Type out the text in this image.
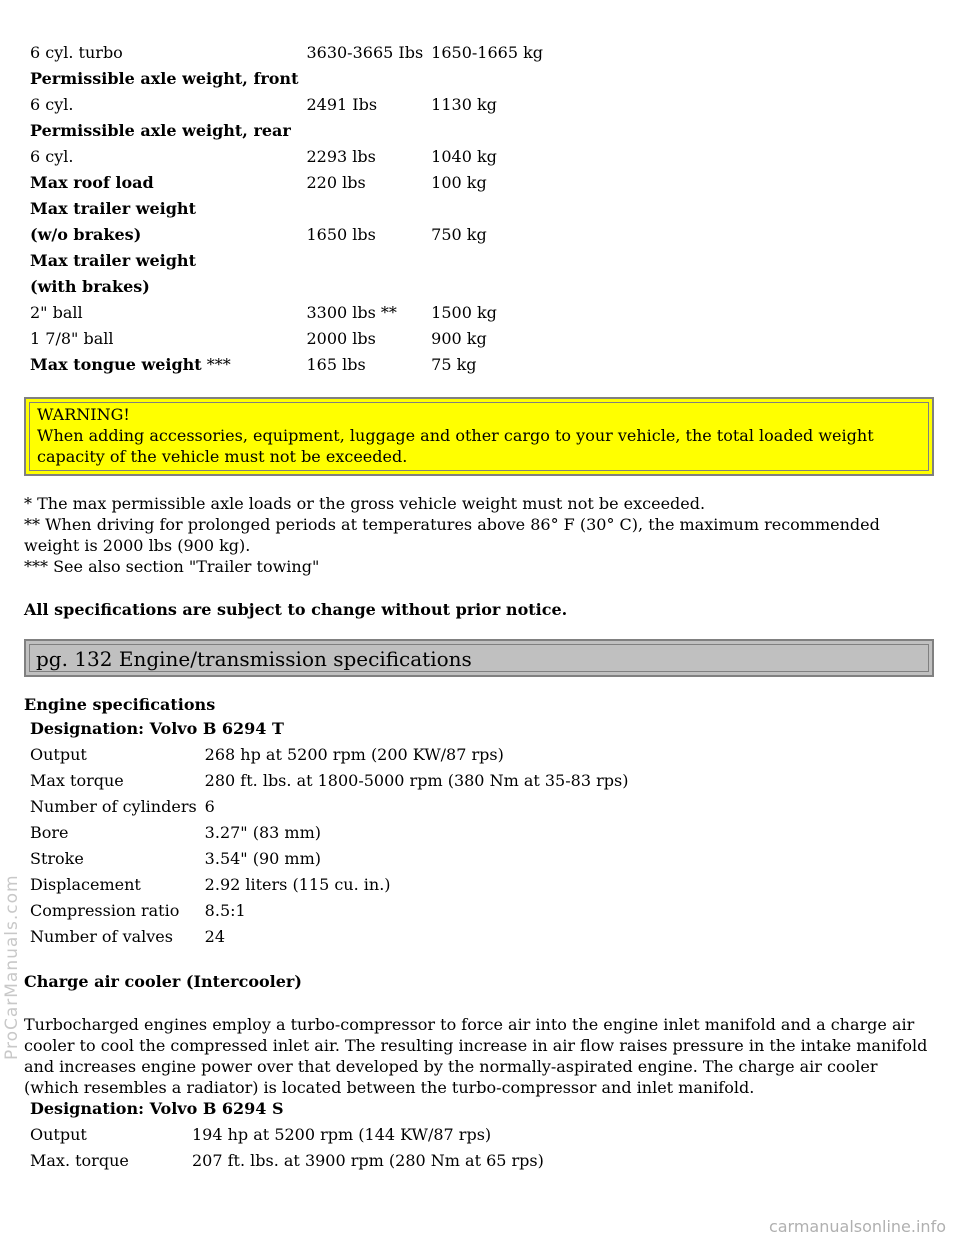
6 cyl. turbo	3630-3665 Ibs	1650-1665 kg
Permissible axle weight, front		
6 cyl.	2491 Ibs	1130 kg
Permissible axle weight, rear		
6 cyl.	2293 lbs	1040 kg
Max roof load	220 lbs	100 kg
Max trailer weight		
(w/o brakes)	1650 lbs	750 kg
Max trailer weight		
(with brakes)		
2" ball	3300 lbs **	1500 kg
1 7/8" ball	2000 lbs	900 kg
Max tongue weight ***	165 lbs	75 kg
WARNING!
When adding accessories, equipment, luggage and other cargo to your vehicle, the total loaded weight capacity of the vehicle must not be exceeded.
* The max permissible axle loads or the gross vehicle weight must not be exceeded.
** When driving for prolonged periods at temperatures above 86° F (30° C), the maximum recommended weight is 2000 lbs (900 kg).
*** See also section "Trailer towing"
All specifications are subject to change without prior notice.
pg. 132 Engine/transmission specifications
Engine specifications
Designation: Volvo B 6294 T	
Output	268 hp at 5200 rpm (200 KW/87 rps)
Max torque	280 ft. lbs. at 1800-5000 rpm (380 Nm at 35-83 rps)
Number of cylinders	6
Bore	3.27" (83 mm)
Stroke	3.54" (90 mm)
Displacement	2.92 liters (115 cu. in.)
Compression ratio	8.5:1
Number of valves	24
Charge air cooler (Intercooler)
Turbocharged engines employ a turbo-compressor to force air into the engine inlet manifold and a charge air cooler to cool the compressed inlet air. The resulting increase in air flow raises pressure in the intake manifold and increases engine power over that developed by the normally-aspirated engine. The charge air cooler (which resembles a radiator) is located between the turbo-compressor and inlet manifold.
Designation: Volvo B 6294 S	
Output	194 hp at 5200 rpm (144 KW/87 rps)
Max. torque	207 ft. lbs. at 3900 rpm (280 Nm at 65 rps)
ProCarManuals.com
carmanualsonline.info
